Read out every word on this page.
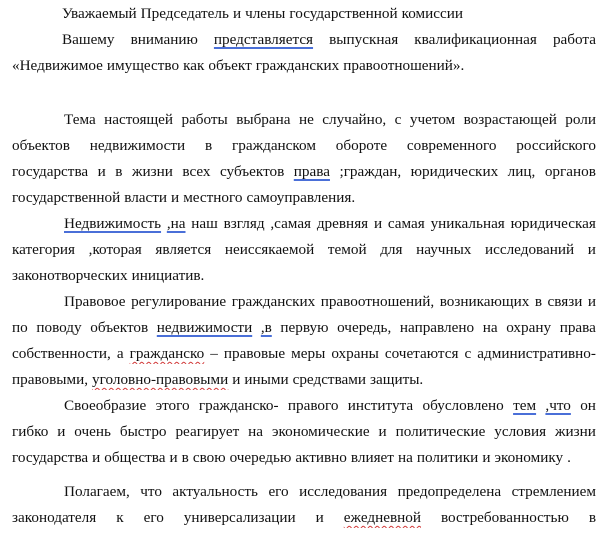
Уважаемый Председатель и члены государственной комиссии
Вашему вниманию представляется выпускная квалификационная работа
«Недвижимое имущество как объект гражданских правоотношений».
Тема настоящей работы выбрана не случайно, с учетом возрастающей роли
объектов недвижимости в гражданском обороте современного российского
государства и в жизни всех субъектов права ;граждан, юридических лиц, органов
государственной власти и местного самоуправления.
Недвижимость ,на наш взгляд ,самая древняя и самая уникальная юридическая
категория ,которая является неиссякаемой темой для научных исследований и
законотворческих инициатив.
Правовое регулирование гражданских правоотношений, возникающих в связи и
по поводу объектов недвижимости ,в первую очередь, направлено на охрану права
собственности, а гражданско – правовые меры охраны сочетаются с административно-
правовыми, уголовно-правовыми и иными средствами защиты.
Своеобразие этого гражданско- правого института обусловлено тем ,что он
гибко и очень быстро реагирует на экономические и политические условия жизни
государства и общества и в свою очередью активно влияет на политики и экономику .
Полагаем, что актуальность его исследования предопределена стремлением
законодателя к его универсализации и ежедневной востребованностью в
